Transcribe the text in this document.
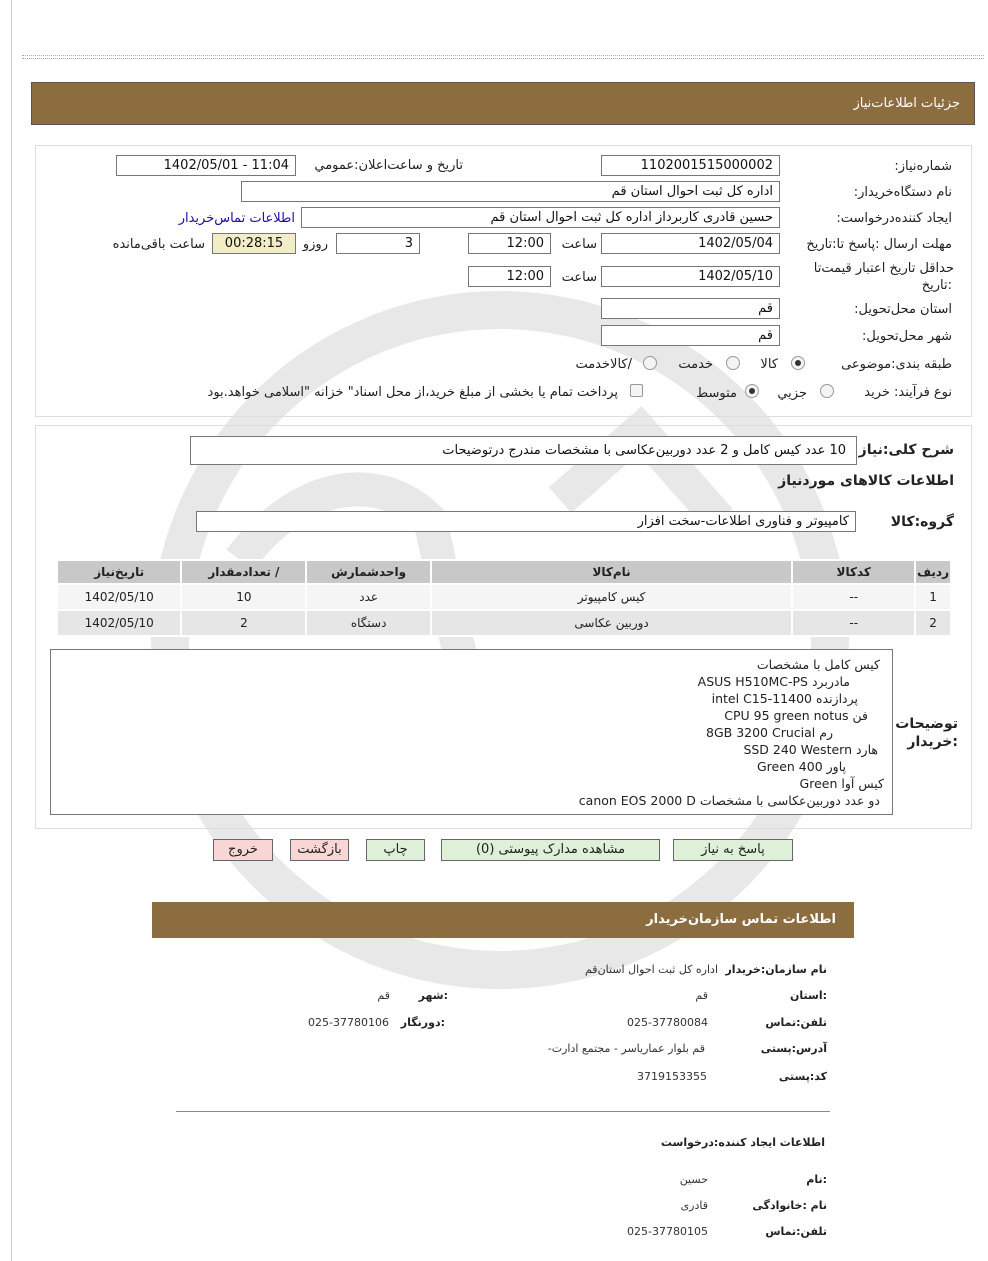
جزئیات اطلاعات‌نیاز
شماره‌نیاز:
1102001515000002
تاریخ و ساعت‌اعلان:عمومي
1402/05/01 - 11:04
نام دستگاه‌خریدار:
اداره کل ثبت احوال استان قم
ایجاد کننده‌درخواست:
حسین قادری کاربرداز اداره کل ثبت احوال استان قم
اطلاعات تماس‌خریدار
مهلت ارسال :پاسخ تا:تاریخ
1402/05/04
ساعت
12:00
3
روزو
00:28:15
ساعت باقی‌مانده
حداقل تاریخ اعتبار قیمت‌تا
:تاریخ
1402/05/10
ساعت
12:00
استان محل‌تحویل:
قم
شهر محل‌تحویل:
قم
طبقه بندی:موضوعی
کالا
خدمت
/کالاخدمت
نوع فرآیند: خرید
جزیي
متوسط
پرداخت تمام یا بخشی از مبلغ خرید،از محل اسناد" خزانه "اسلامی خواهد.بود
شرح کلی:نیاز
10 عدد کیس کامل و 2 عدد دوربین‌عکاسی با مشخصات مندرج درتوضیحات
اطلاعات کالاهای موردنیاز
گروه:کالا
کامپیوتر و فناوری اطلاعات-سخت افزار
ردیف	کدکالا	نام‌کالا	واحدشمارش	/ تعدادمقدار	تاریخ‌نیاز
1	--	کیس کامپیوتر	عدد	10	1402/05/10
2	--	دوربین عکاسی	دستگاه	2	1402/05/10
توضیحات
:خریدار
کیس کامل با مشخصات
مادربرد ASUS H510MC-PS
پردازنده intel C15-11400
فن CPU 95 green notus
رم 8GB 3200 Crucial
هارد SSD 240 Western
پاور Green 400
کیس آوا Green
دو عدد دوربین‌عکاسی با مشخصات canon EOS 2000 D
پاسخ به نیاز
مشاهده مدارک پیوستی (0)
چاپ
بازگشت
خروج
اطلاعات تماس سازمان‌خریدار
نام سازمان:خریدار
اداره کل ثبت احوال استان‌قم
:استان
قم
:شهر
قم
تلفن:تماس
025-37780084
:دورنگار
025-37780106
آدرس:پستی
قم بلوار عمارياسر - مجتمع ادارت-
کد:پستی
3719153355
اطلاعات ایجاد کننده:درخواست
:نام
حسین
نام :خانوادگی
قادری
تلفن:تماس
025-37780105
